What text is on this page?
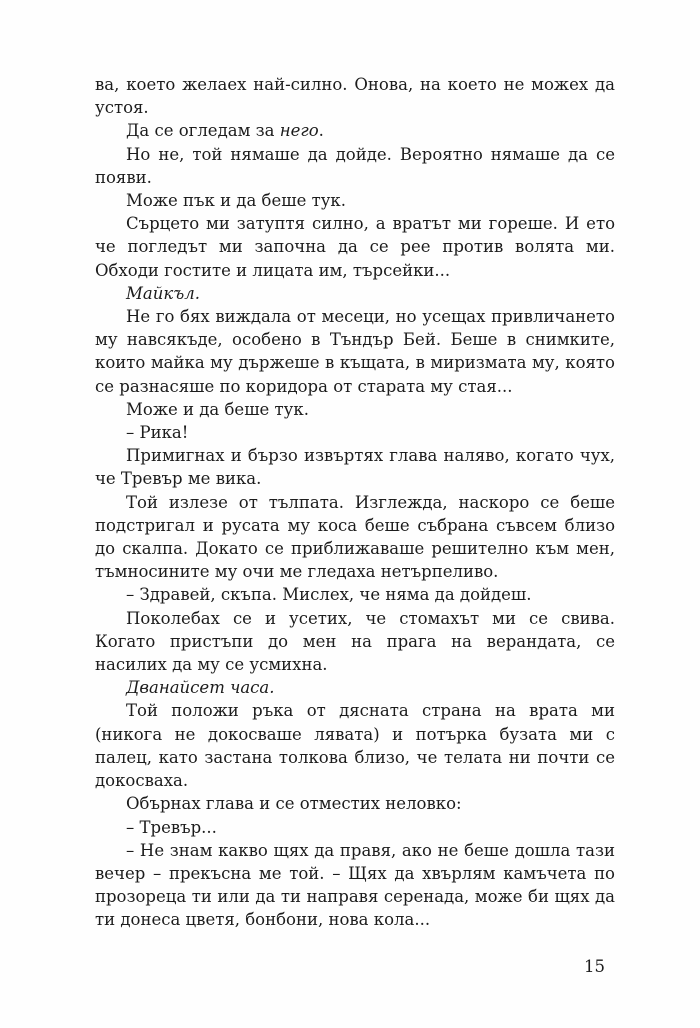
ва, което желаех най-силно. Онова, на което не можех да устоя.

Да се огледам за него.

Но не, той нямаше да дойде. Вероятно нямаше да се появи.

Може пък и да беше тук.

Сърцето ми затуптя силно, а вратът ми гореше. И ето че погледът ми започна да се рее против волята ми. Обходи гостите и лицата им, търсейки...

Майкъл.

Не го бях виждала от месеци, но усещах привличането му навсякъде, особено в Тъндър Бей. Беше в снимките, които майка му държеше в къщата, в миризмата му, която се разнасяше по коридора от старата му стая...

Може и да беше тук.

– Рика!

Примигнах и бързо извъртях глава наляво, когато чух, че Тревър ме вика.

Той излезе от тълпата. Изглежда, наскоро се беше подстригал и русата му коса беше събрана съвсем близо до скалпа. Докато се приближаваше решително към мен, тъмносините му очи ме гледаха нетърпеливо.

– Здравей, скъпа. Мислех, че няма да дойдеш.

Поколебах се и усетих, че стомахът ми се свива. Когато пристъпи до мен на прага на верандата, се насилих да му се усмихна.

Дванайсет часа.

Той положи ръка от дясната страна на врата ми (никога не докосваше лявата) и потърка бузата ми с палец, като застана толкова близо, че телата ни почти се докосваха.

Обърнах глава и се отместих неловко:

– Тревър...

– Не знам какво щях да правя, ако не беше дошла тази вечер – прекъсна ме той. – Щях да хвърлям камъчета по прозореца ти или да ти направя серенада, може би щях да ти донеса цветя, бонбони, нова кола...

15
